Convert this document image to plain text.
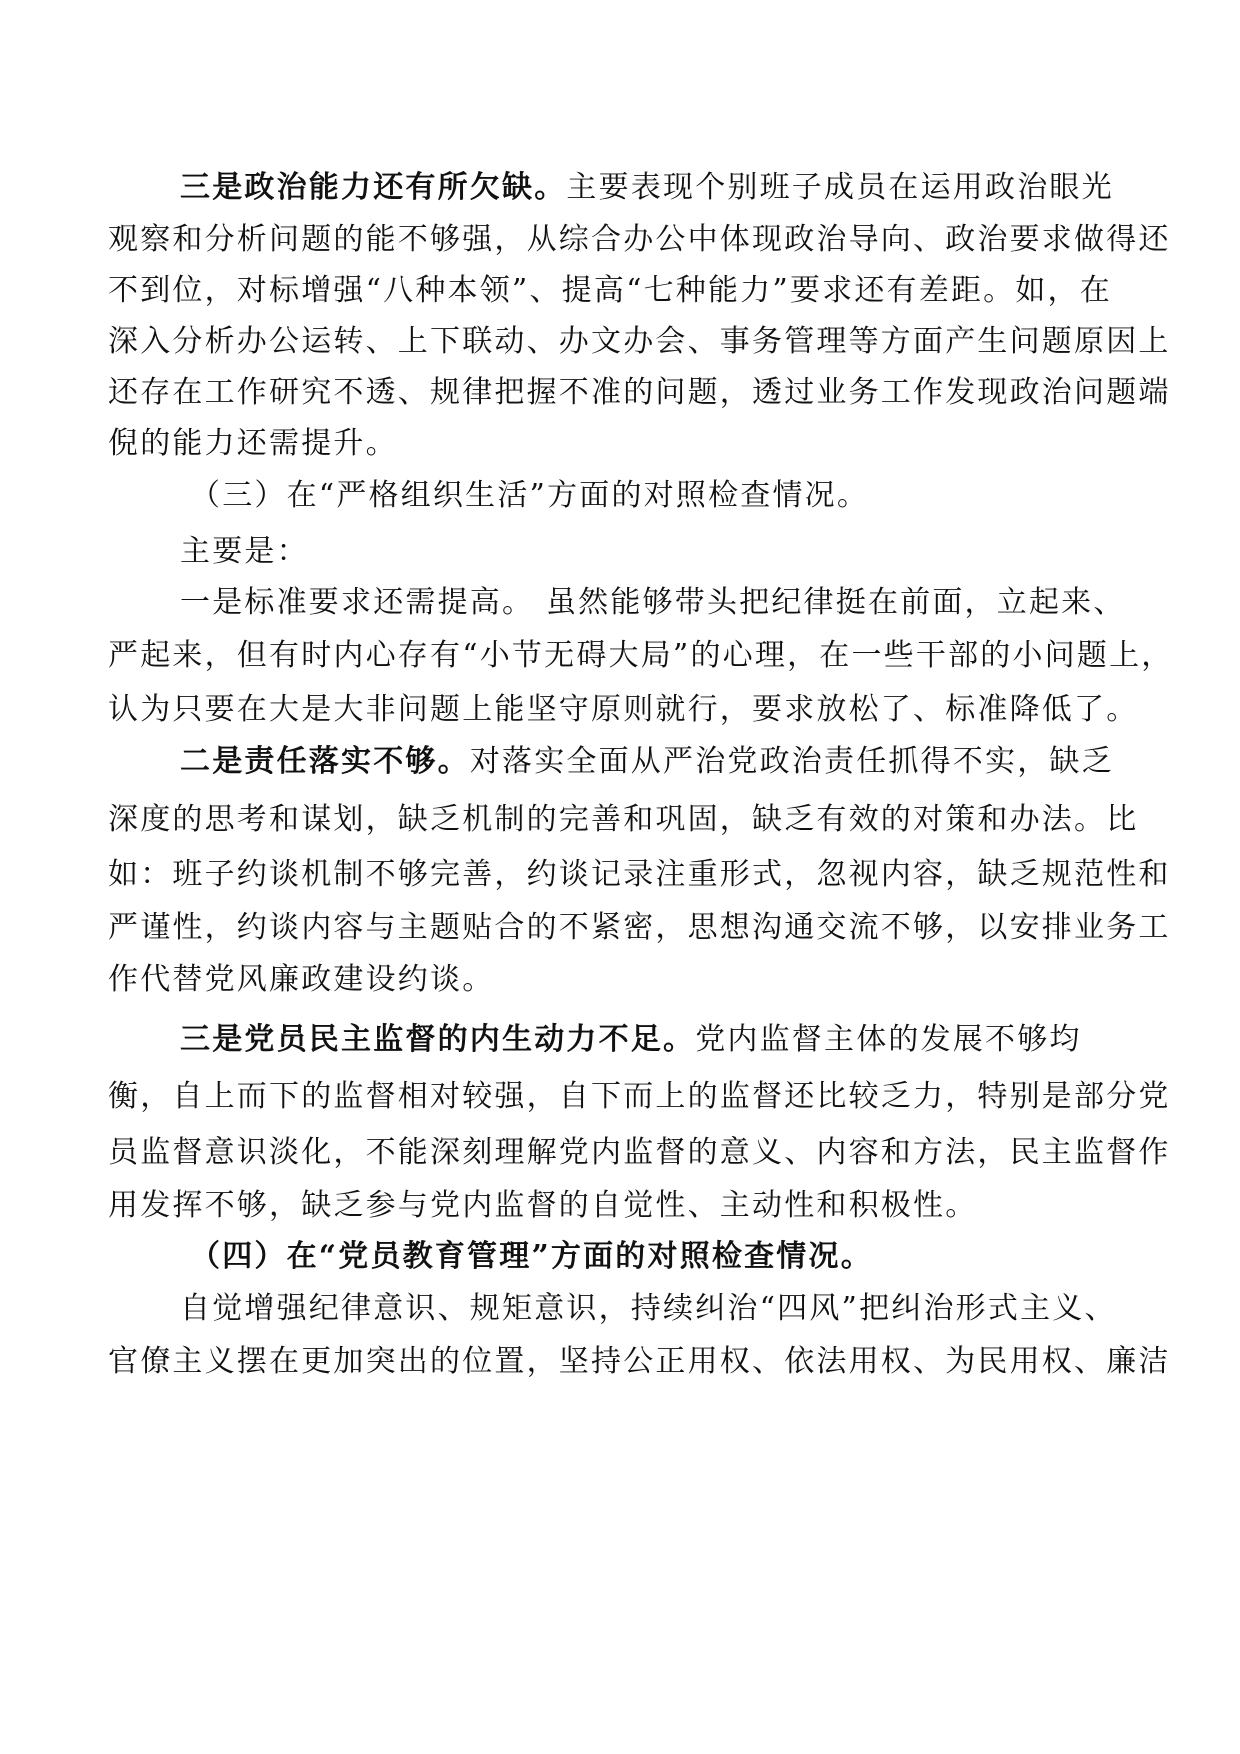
三是政治能力还有所欠缺。主要表现个别班子成员在运用政治眼光
观察和分析问题的能不够强，从综合办公中体现政治导向、政治要求做得还
不到位，对标增强“八种本领”、提高“七种能力”要求还有差距。如，在
深入分析办公运转、上下联动、办文办会、事务管理等方面产生问题原因上
还存在工作研究不透、规律把握不准的问题，透过业务工作发现政治问题端
倪的能力还需提升。
（三）在“严格组织生活”方面的对照检查情况。
主要是：
一是标准要求还需提高。 虽然能够带头把纪律挺在前面，立起来、
严起来，但有时内心存有“小节无碍大局”的心理，在一些干部的小问题上，
认为只要在大是大非问题上能坚守原则就行，要求放松了、标准降低了。
二是责任落实不够。对落实全面从严治党政治责任抓得不实，缺乏
深度的思考和谋划，缺乏机制的完善和巩固，缺乏有效的对策和办法。比
如：班子约谈机制不够完善，约谈记录注重形式，忽视内容，缺乏规范性和
严谨性，约谈内容与主题贴合的不紧密，思想沟通交流不够，以安排业务工
作代替党风廉政建设约谈。
三是党员民主监督的内生动力不足。党内监督主体的发展不够均
衡，自上而下的监督相对较强，自下而上的监督还比较乏力，特别是部分党
员监督意识淡化，不能深刻理解党内监督的意义、内容和方法，民主监督作
用发挥不够，缺乏参与党内监督的自觉性、主动性和积极性。
（四）在“党员教育管理”方面的对照检查情况。
自觉增强纪律意识、规矩意识，持续纠治“四风”把纠治形式主义、
官僚主义摆在更加突出的位置，坚持公正用权、依法用权、为民用权、廉洁
